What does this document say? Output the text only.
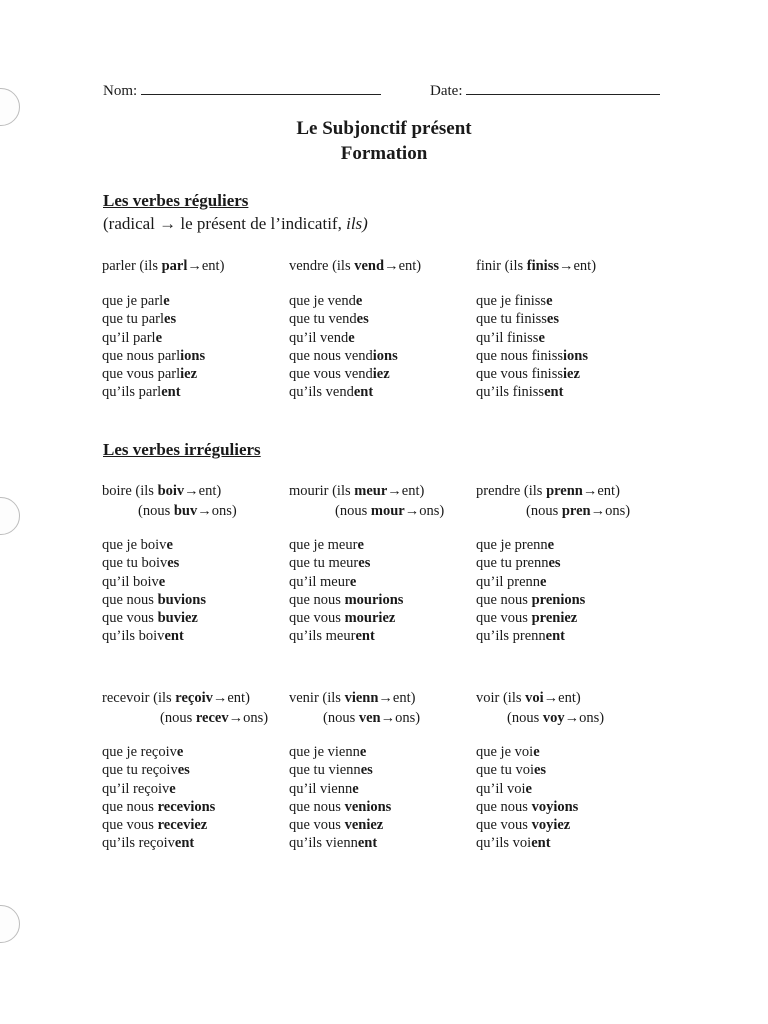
Nom:	Date:
Le Subjonctif présent
Formation
Les verbes réguliers
(radical → le présent de l’indicatif, ils)
parler (ils parl→ent)
que je parle
que tu parles
qu’il parle
que nous parlions
que vous parliez
qu’ils parlent
vendre (ils vend→ent)
que je vende
que tu vendes
qu’il vende
que nous vendions
que vous vendiez
qu’ils vendent
finir (ils finiss→ent)
que je finisse
que tu finisses
qu’il finisse
que nous finissions
que vous finissiez
qu’ils finissent
Les verbes irréguliers
boire (ils boiv→ent)
(nous buv→ons)
que je boive
que tu boives
qu’il boive
que nous buvions
que vous buviez
qu’ils boivent
mourir (ils meur→ent)
(nous mour→ons)
que je meure
que tu meures
qu’il meure
que nous mourions
que vous mouriez
qu’ils meurent
prendre (ils prenn→ent)
(nous pren→ons)
que je prenne
que tu prennes
qu’il prenne
que nous prenions
que vous preniez
qu’ils prennent
recevoir (ils reçoiv→ent)
(nous recev→ons)
que je reçoive
que tu reçoives
qu’il reçoive
que nous recevions
que vous receviez
qu’ils reçoivent
venir (ils vienn→ent)
(nous ven→ons)
que je vienne
que tu viennes
qu’il vienne
que nous venions
que vous veniez
qu’ils viennent
voir (ils voi→ent)
(nous voy→ons)
que je voie
que tu voies
qu’il voie
que nous voyions
que vous voyiez
qu’ils voient
